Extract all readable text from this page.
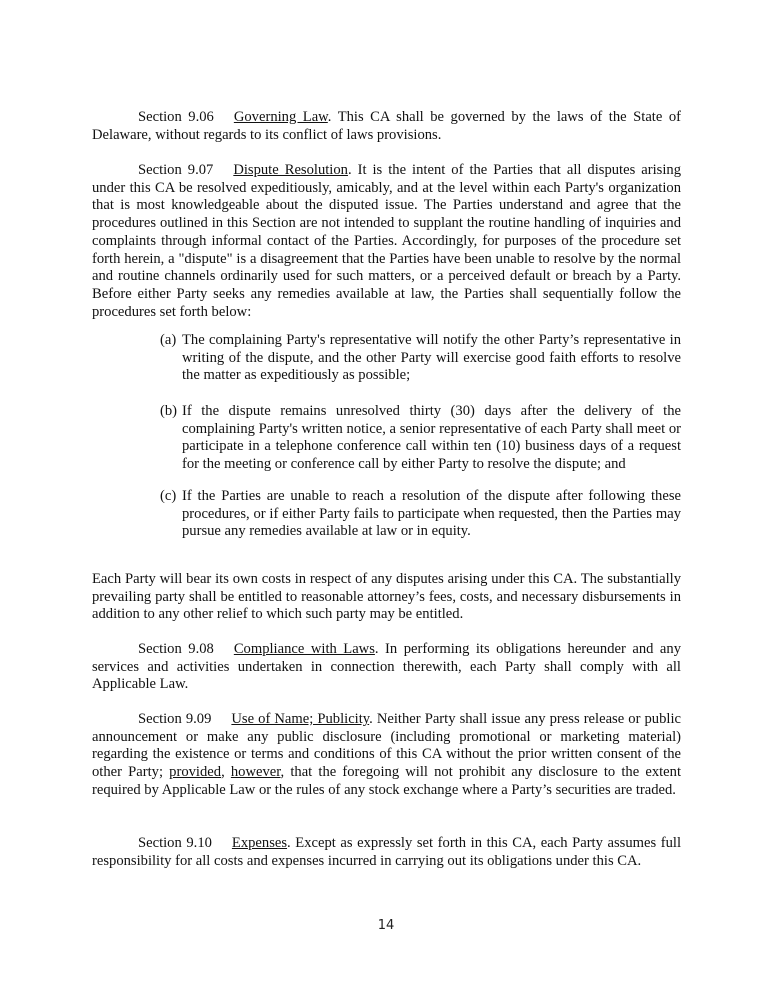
Section 9.06 Governing Law. This CA shall be governed by the laws of the State of Delaware, without regards to its conflict of laws provisions.

Section 9.07 Dispute Resolution. It is the intent of the Parties that all disputes arising under this CA be resolved expeditiously, amicably, and at the level within each Party's organization that is most knowledgeable about the disputed issue. The Parties understand and agree that the procedures outlined in this Section are not intended to supplant the routine handling of inquiries and complaints through informal contact of the Parties. Accordingly, for purposes of the procedure set forth herein, a "dispute" is a disagreement that the Parties have been unable to resolve by the normal and routine channels ordinarily used for such matters, or a perceived default or breach by a Party. Before either Party seeks any remedies available at law, the Parties shall sequentially follow the procedures set forth below:

(a) The complaining Party's representative will notify the other Party’s representative in writing of the dispute, and the other Party will exercise good faith efforts to resolve the matter as expeditiously as possible;
(b) If the dispute remains unresolved thirty (30) days after the delivery of the complaining Party's written notice, a senior representative of each Party shall meet or participate in a telephone conference call within ten (10) business days of a request for the meeting or conference call by either Party to resolve the dispute; and
(c) If the Parties are unable to reach a resolution of the dispute after following these procedures, or if either Party fails to participate when requested, then the Parties may pursue any remedies available at law or in equity.

Each Party will bear its own costs in respect of any disputes arising under this CA. The substantially prevailing party shall be entitled to reasonable attorney’s fees, costs, and necessary disbursements in addition to any other relief to which such party may be entitled.

Section 9.08 Compliance with Laws. In performing its obligations hereunder and any services and activities undertaken in connection therewith, each Party shall comply with all Applicable Law.

Section 9.09 Use of Name; Publicity. Neither Party shall issue any press release or public announcement or make any public disclosure (including promotional or marketing material) regarding the existence or terms and conditions of this CA without the prior written consent of the other Party; provided, however, that the foregoing will not prohibit any disclosure to the extent required by Applicable Law or the rules of any stock exchange where a Party’s securities are traded.

Section 9.10 Expenses. Except as expressly set forth in this CA, each Party assumes full responsibility for all costs and expenses incurred in carrying out its obligations under this CA.

14
